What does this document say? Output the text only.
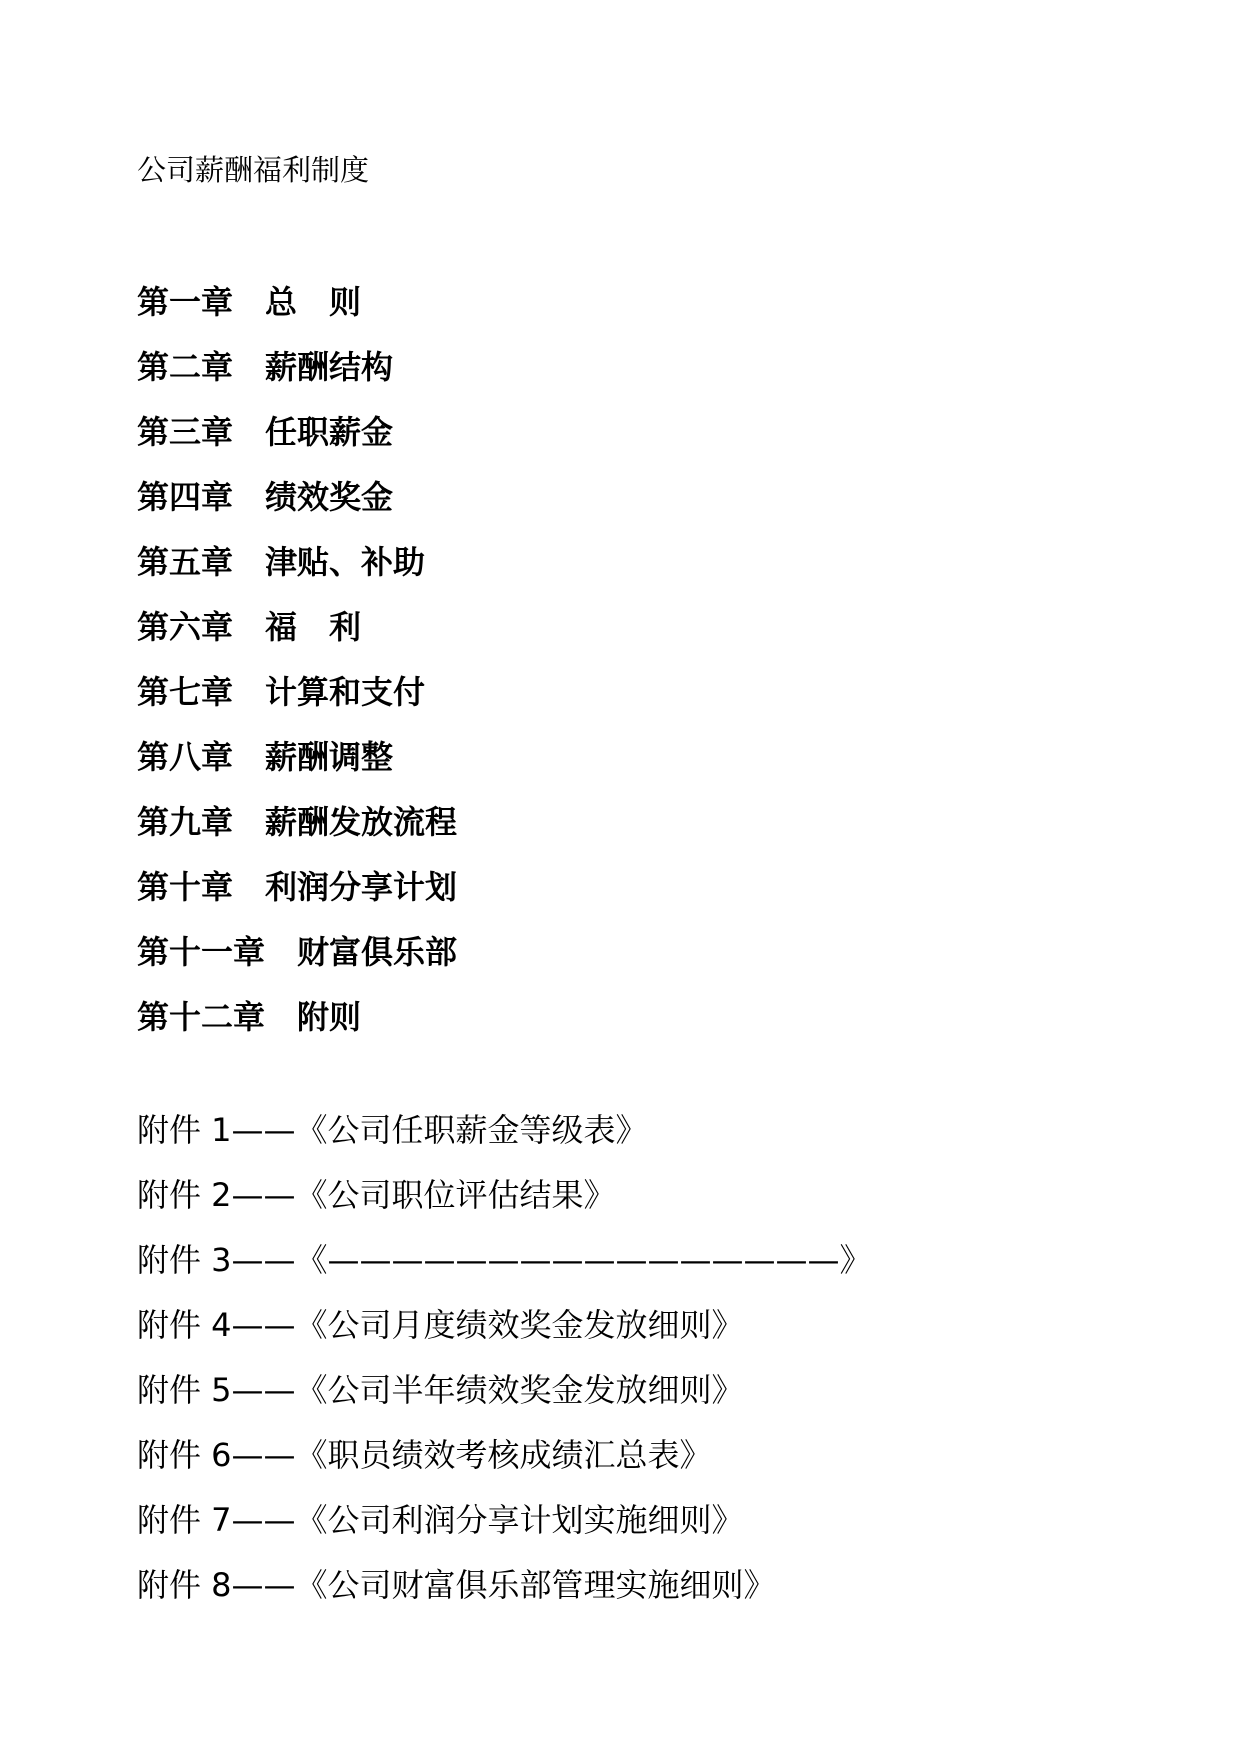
公司薪酬福利制度
第一章　 总　则
第二章　 薪酬结构
第三章　 任职薪金
第四章　 绩效奖金
第五章　 津贴、补助
第六章　 福　利
第七章　 计算和支付
第八章　 薪酬调整
第九章　 薪酬发放流程
第十章　 利润分享计划
第十一章　 财富俱乐部
第十二章　 附则
附件 1——《公司任职薪金等级表》
附件 2——《公司职位评估结果》
附件 3——《————————————————》
附件 4——《公司月度绩效奖金发放细则》
附件 5——《公司半年绩效奖金发放细则》
附件 6——《职员绩效考核成绩汇总表》
附件 7——《公司利润分享计划实施细则》
附件 8——《公司财富俱乐部管理实施细则》
